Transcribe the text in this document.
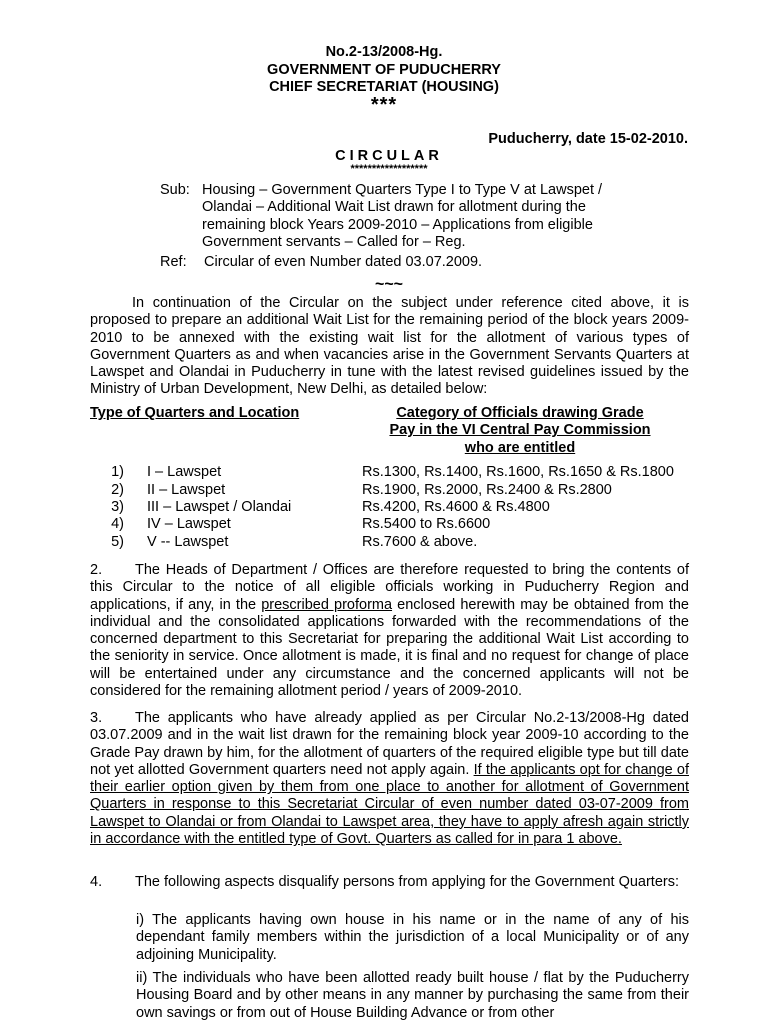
No.2-13/2008-Hg.
GOVERNMENT OF PUDUCHERRY
CHIEF SECRETARIAT (HOUSING)
***
Puducherry, date 15-02-2010.
CIRCULAR
******************
Sub: Housing – Government Quarters Type I to Type V at Lawspet / Olandai – Additional Wait List drawn for allotment during the remaining block Years 2009-2010 – Applications from eligible Government servants – Called for – Reg.
Ref: Circular of even Number dated 03.07.2009.
~~~
In continuation of the Circular on the subject under reference cited above, it is proposed to prepare an additional Wait List for the remaining period of the block years 2009-2010 to be annexed with the existing wait list for the allotment of various types of Government Quarters as and when vacancies arise in the Government Servants Quarters at Lawspet and Olandai in Puducherry in tune with the latest revised guidelines issued by the Ministry of Urban Development, New Delhi, as detailed below:
Type of Quarters and Location	Category of Officials drawing Grade
Pay in the VI Central Pay Commission
who are entitled
1) I – Lawspet	Rs.1300, Rs.1400, Rs.1600, Rs.1650 & Rs.1800
2) II – Lawspet	Rs.1900, Rs.2000, Rs.2400 & Rs.2800
3) III – Lawspet / Olandai	Rs.4200, Rs.4600 & Rs.4800
4) IV – Lawspet	Rs.5400 to Rs.6600
5) V -- Lawspet	Rs.7600 & above.
2. The Heads of Department / Offices are therefore requested to bring the contents of this Circular to the notice of all eligible officials working in Puducherry Region and applications, if any, in the prescribed proforma enclosed herewith may be obtained from the individual and the consolidated applications forwarded with the recommendations of the concerned department to this Secretariat for preparing the additional Wait List according to the seniority in service. Once allotment is made, it is final and no request for change of place will be entertained under any circumstance and the concerned applicants will not be considered for the remaining allotment period / years of 2009-2010.
3. The applicants who have already applied as per Circular No.2-13/2008-Hg dated 03.07.2009 and in the wait list drawn for the remaining block year 2009-10 according to the Grade Pay drawn by him, for the allotment of quarters of the required eligible type but till date not yet allotted Government quarters need not apply again. If the applicants opt for change of their earlier option given by them from one place to another for allotment of Government Quarters in response to this Secretariat Circular of even number dated 03-07-2009 from Lawspet to Olandai or from Olandai to Lawspet area, they have to apply afresh again strictly in accordance with the entitled type of Govt. Quarters as called for in para 1 above.
4. The following aspects disqualify persons from applying for the Government Quarters:
i) The applicants having own house in his name or in the name of any of his dependant family members within the jurisdiction of a local Municipality or of any adjoining Municipality.
ii) The individuals who have been allotted ready built house / flat by the Puducherry Housing Board and by other means in any manner by purchasing the same from their own savings or from out of House Building Advance or from other
